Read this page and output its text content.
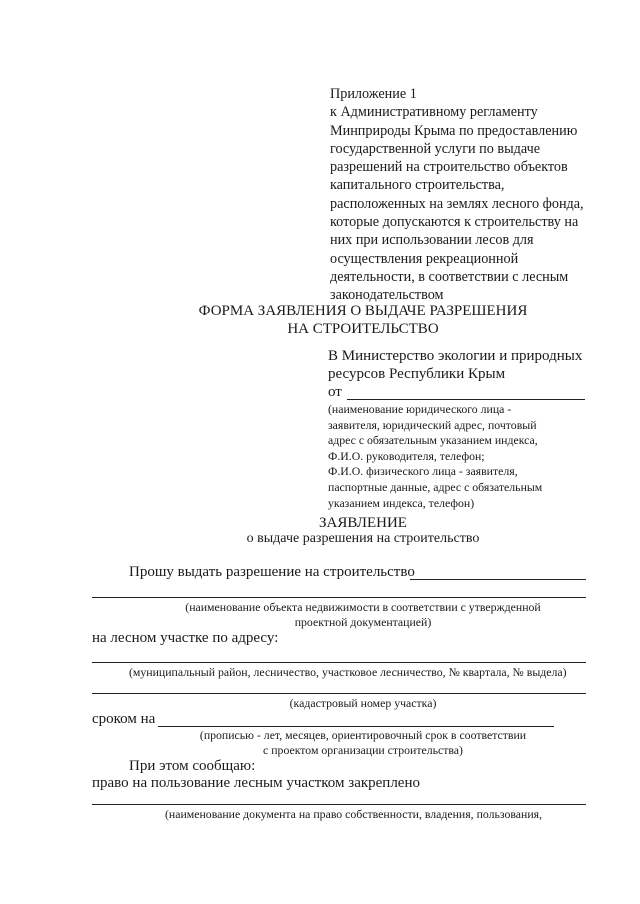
Приложение 1
к Административному регламенту
Минприроды Крыма по предоставлению
государственной услуги по выдаче
разрешений на строительство объектов
капитального строительства,
расположенных на землях лесного фонда,
которые допускаются к строительству на
них при использовании лесов для
осуществления рекреационной
деятельности, в соответствии с лесным
законодательством
ФОРМА ЗАЯВЛЕНИЯ О ВЫДАЧЕ РАЗРЕШЕНИЯ
НА СТРОИТЕЛЬСТВО
В Министерство экологии и природных
ресурсов Республики Крым
от
(наименование юридического лица -
заявителя, юридический адрес, почтовый
адрес с обязательным указанием индекса,
Ф.И.О. руководителя, телефон;
Ф.И.О. физического лица - заявителя,
паспортные данные, адрес с обязательным
указанием индекса, телефон)
ЗАЯВЛЕНИЕ
о выдаче разрешения на строительство
Прошу выдать разрешение на строительство
(наименование объекта недвижимости в соответствии с утвержденной
проектной документацией)
на лесном участке по адресу:
(муниципальный район, лесничество, участковое лесничество, № квартала, № выдела)
(кадастровый номер участка)
сроком на
(прописью - лет, месяцев, ориентировочный срок в соответствии
с проектом организации строительства)
При этом сообщаю:
право на пользование лесным участком закреплено
(наименование документа на право собственности, владения, пользования,
